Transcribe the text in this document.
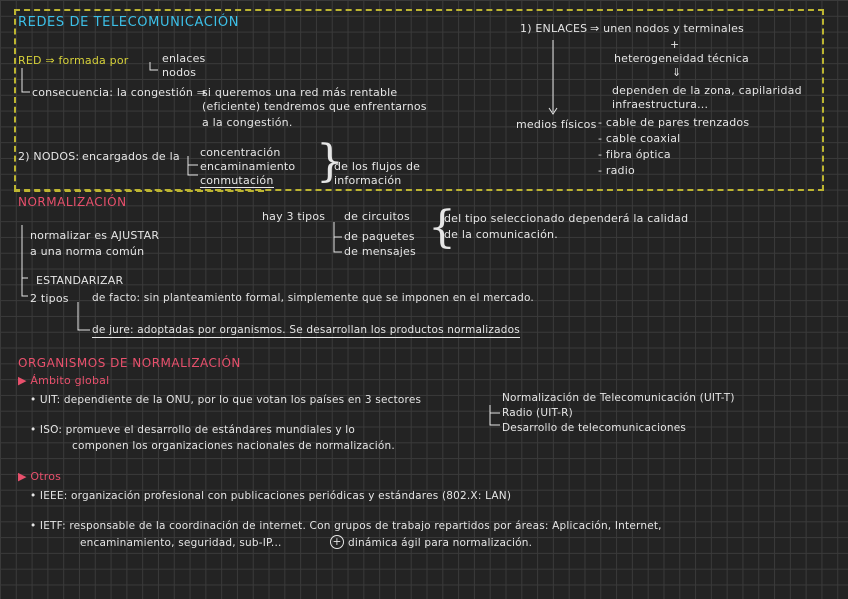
REDES DE TELECOMUNICACIÓN
RED ⇒ formada por	enlaces
nodos
consecuencia: la congestión ⇒
si queremos una red más rentable
(eficiente) tendremos que enfrentarnos
a la congestión.
1) ENLACES ⇒ unen nodos y terminales
+
heterogeneidad técnica
⇓
dependen de la zona, capilaridad
infraestructura...
medios físicos - cable de pares trenzados
- cable coaxial
- fibra óptica
- radio
2) NODOS: encargados de la concentración
encaminamiento
conmutación }
de los flujos de
información
hay 3 tipos de circuitos
de paquetes
de mensajes {
del tipo seleccionado dependerá la calidad
de la comunicación.
NORMALIZACIÓN
normalizar es AJUSTAR
a una norma común
ESTANDARIZAR
2 tipos de facto: sin planteamiento formal, simplemente que se imponen en el mercado.
de jure: adoptadas por organismos. Se desarrollan los productos normalizados
ORGANISMOS DE NORMALIZACIÓN
▶ Ámbito global
• UIT: dependiente de la ONU, por lo que votan los países en 3 sectores	Normalización de Telecomunicación (UIT-T)
Radio (UIT-R)
Desarrollo de telecomunicaciones
• ISO: promueve el desarrollo de estándares mundiales y lo
componen los organizaciones nacionales de normalización.
▶ Otros
• IEEE: organización profesional con publicaciones periódicas y estándares (802.X: LAN)
• IETF: responsable de la coordinación de internet. Con grupos de trabajo repartidos por áreas: Aplicación, Internet,
encaminamiento, seguridad, sub-IP...	+ dinámica ágil para normalización.
